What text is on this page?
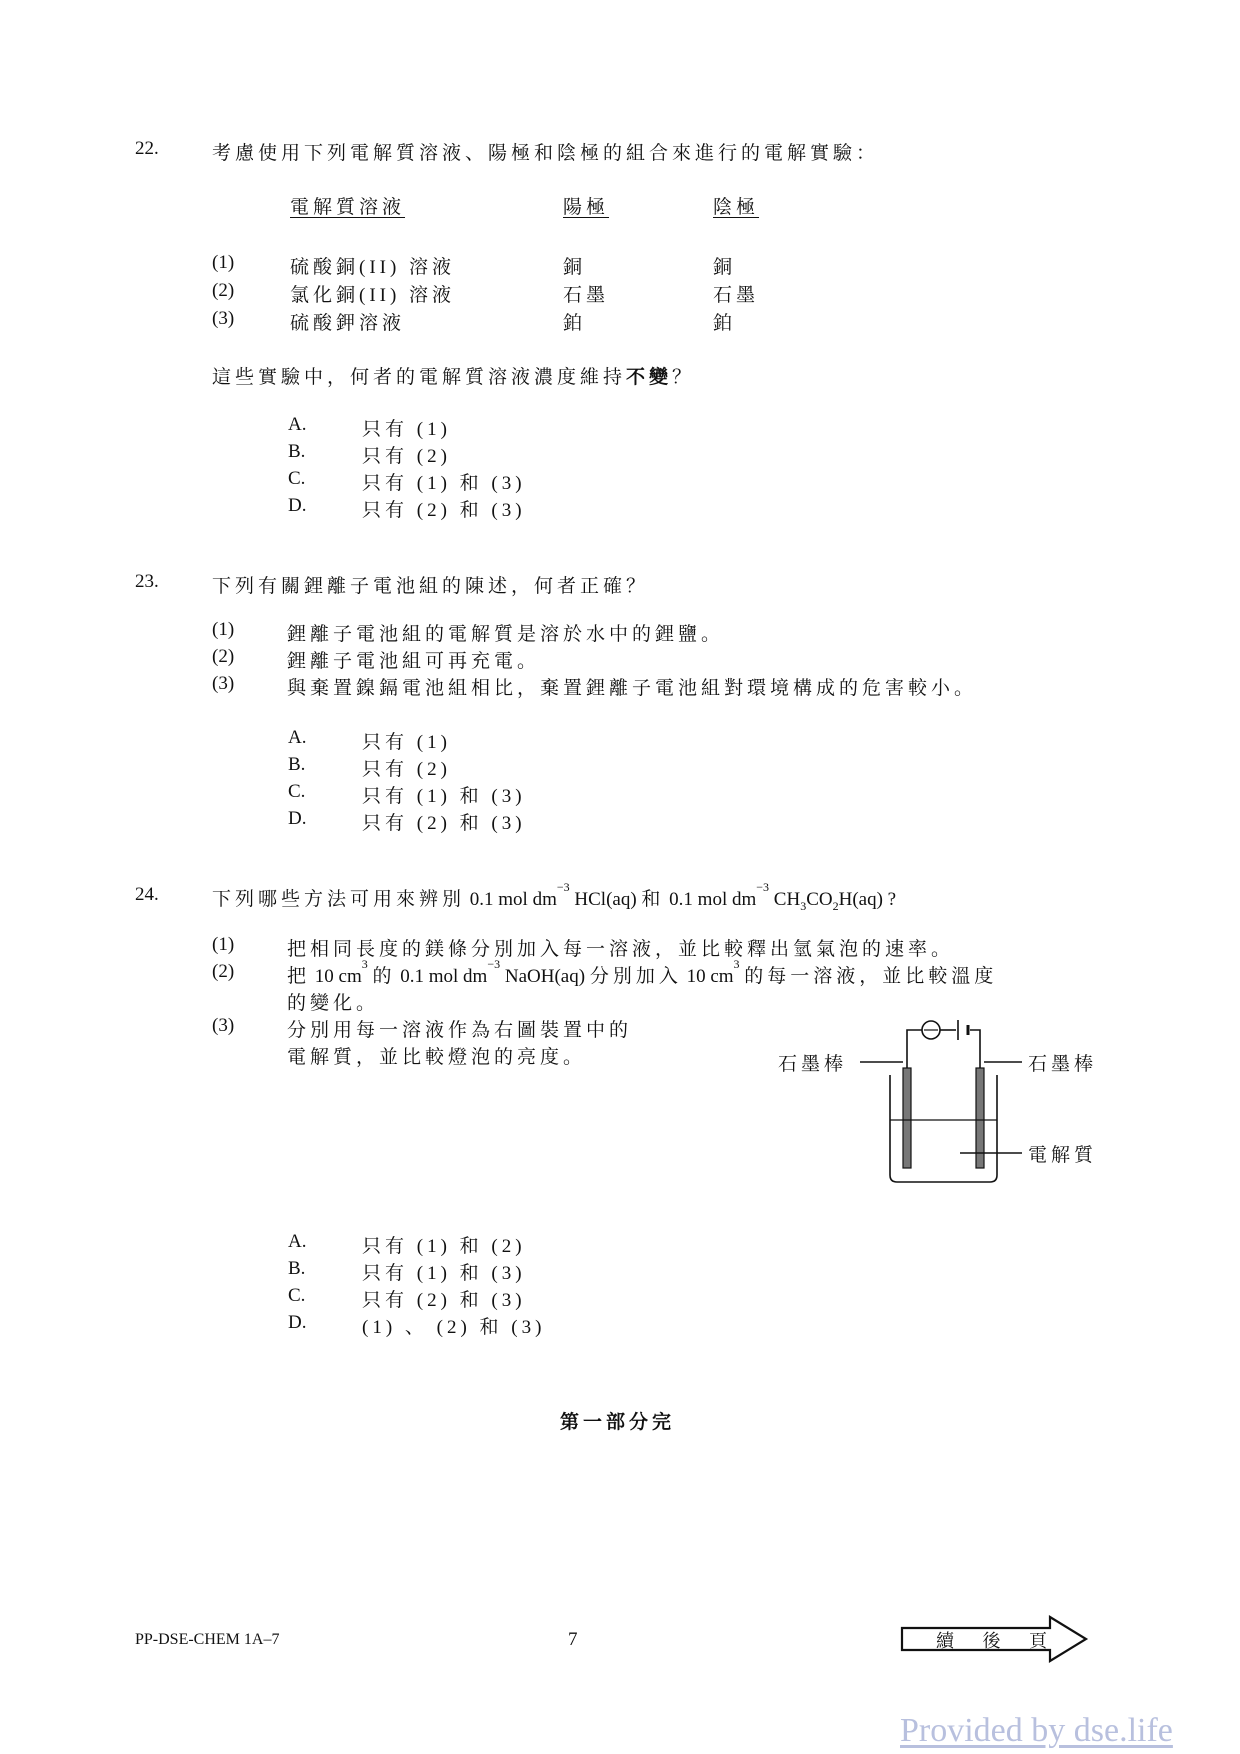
22.	考慮使用下列電解質溶液、陽極和陰極的組合來進行的電解實驗：
電解質溶液	陽極	陰極
(1)	硫酸銅(II) 溶液	銅	銅
(2)	氯化銅(II) 溶液	石墨	石墨
(3)	硫酸鉀溶液	鉑	鉑
這些實驗中，何者的電解質溶液濃度維持不變？
A.	只有 (1)
B.	只有 (2)
C.	只有 (1) 和 (3)
D.	只有 (2) 和 (3)
23.	下列有關鋰離子電池組的陳述，何者正確？
(1)	鋰離子電池組的電解質是溶於水中的鋰鹽。
(2)	鋰離子電池組可再充電。
(3)	與棄置鎳鎘電池組相比，棄置鋰離子電池組對環境構成的危害較小。
A.	只有 (1)
B.	只有 (2)
C.	只有 (1) 和 (3)
D.	只有 (2) 和 (3)
24.	下列哪些方法可用來辨別 0.1 mol $dm^{-3}$ HCl(aq) 和 0.1 mol $dm^{-3}$ $CH_3CO_2H(aq)$ ?
(1)	把相同長度的鎂條分別加入每一溶液，並比較釋出氫氣泡的速率。
(2)	把 10 $cm^3$ 的 0.1 mol $dm^{-3}$ NaOH(aq) 分別加入 10 $cm^3$ 的每一溶液，並比較溫度
的變化。
(3)	分別用每一溶液作為右圖裝置中的
電解質，並比較燈泡的亮度。	石墨棒	石墨棒
電解質
A.	只有 (1) 和 (2)
B.	只有 (1) 和 (3)
C.	只有 (2) 和 (3)
D.	(1) 、 (2) 和 (3)
第一部分完
PP-DSE-CHEM 1A–7	7	續 後 頁
Provided by dse.life
